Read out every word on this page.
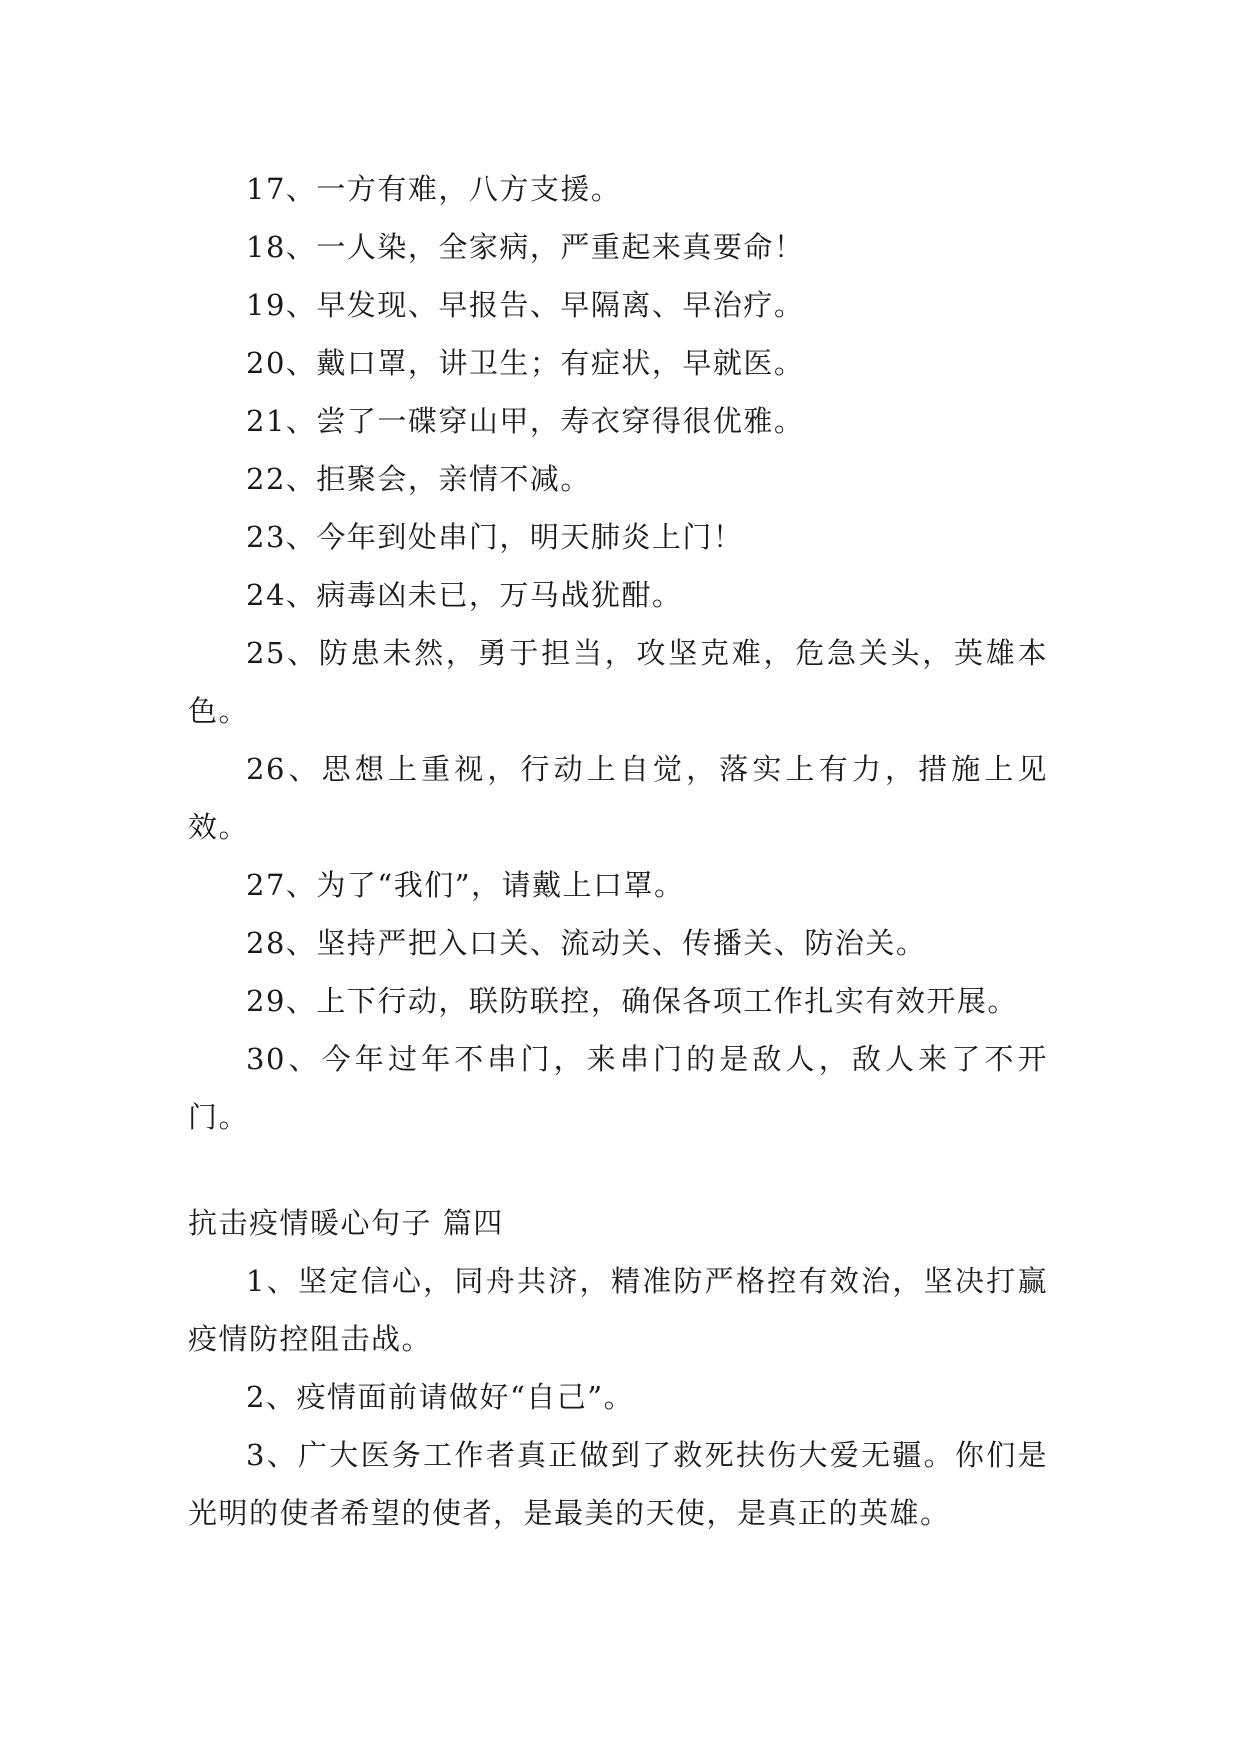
17、一方有难，八方支援。

18、一人染，全家病，严重起来真要命！

19、早发现、早报告、早隔离、早治疗。

20、戴口罩，讲卫生；有症状，早就医。

21、尝了一碟穿山甲，寿衣穿得很优雅。

22、拒聚会，亲情不减。

23、今年到处串门，明天肺炎上门！

24、病毒凶未已，万马战犹酣。

25、防患未然，勇于担当，攻坚克难，危急关头，英雄本色。

26、思想上重视，行动上自觉，落实上有力，措施上见效。

27、为了“我们”，请戴上口罩。

28、坚持严把入口关、流动关、传播关、防治关。

29、上下行动，联防联控，确保各项工作扎实有效开展。

30、今年过年不串门，来串门的是敌人，敌人来了不开门。

抗击疫情暖心句子 篇四

1、坚定信心，同舟共济，精准防严格控有效治，坚决打赢疫情防控阻击战。

2、疫情面前请做好“自己”。

3、广大医务工作者真正做到了救死扶伤大爱无疆。你们是光明的使者希望的使者，是最美的天使，是真正的英雄。
